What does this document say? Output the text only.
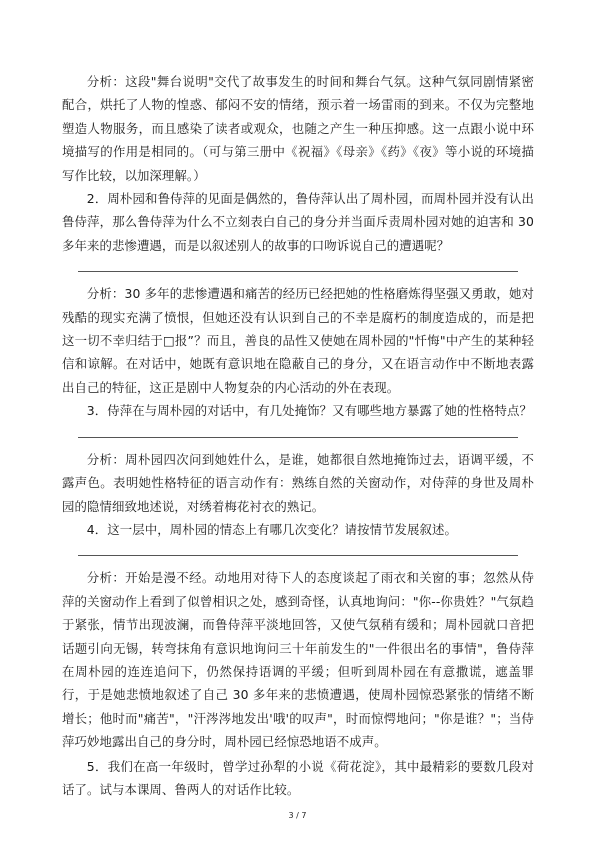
分析：这段"舞台说明"交代了故事发生的时间和舞台气氛。这种气氛同剧情紧密配合，烘托了人物的惶惑、郁闷不安的情绪，预示着一场雷雨的到来。不仅为完整地塑造人物服务，而且感染了读者或观众，也随之产生一种压抑感。这一点跟小说中环境描写的作用是相同的。（可与第三册中《祝福》《母亲》《药》《夜》等小说的环境描写作比较，以加深理解。）

2．周朴园和鲁侍萍的见面是偶然的，鲁侍萍认出了周朴园，而周朴园并没有认出鲁侍萍，那么鲁侍萍为什么不立刻表白自己的身分并当面斥责周朴园对她的迫害和 30 多年来的悲惨遭遇，而是以叙述别人的故事的口吻诉说自己的遭遇呢？

分析：30 多年的悲惨遭遇和痛苦的经历已经把她的性格磨炼得坚强又勇敢，她对残酷的现实充满了愤恨，但她还没有认识到自己的不幸是腐朽的制度造成的，而是把这一切不幸归结于□报”？而且，善良的品性又使她在周朴园的"忏悔"中产生的某种轻信和谅解。在对话中，她既有意识地在隐蔽自己的身分，又在语言动作中不断地表露出自己的特征，这正是剧中人物复杂的内心活动的外在表现。

3．侍萍在与周朴园的对话中，有几处掩饰？又有哪些地方暴露了她的性格特点？

分析：周朴园四次问到她姓什么，是谁，她都很自然地掩饰过去，语调平缓，不露声色。表明她性格特征的语言动作有：熟练自然的关窗动作，对侍萍的身世及周朴园的隐情细致地述说，对绣着梅花衬衣的熟记。

4．这一层中，周朴园的情态上有哪几次变化？请按情节发展叙述。

分析：开始是漫不经。动地用对待下人的态度谈起了雨衣和关窗的事；忽然从侍萍的关窗动作上看到了似曾相识之处，感到奇怪，认真地询问："你--你贵姓？"气氛趋于紧张，情节出现波澜，而鲁侍萍平淡地回答，又使气氛稍有缓和；周朴园就口音把话题引向无锡，转弯抹角有意识地询问三十年前发生的"一件很出名的事情"，鲁侍萍在周朴园的连连追问下，仍然保持语调的平缓；但听到周朴园在有意撒谎，遮盖罪行，于是她悲愤地叙述了自己 30 多年来的悲愤遭遇，使周朴园惊恐紧张的情绪不断增长；他时而"痛苦"，"汗涔涔地发出'哦'的叹声"，时而惊愕地问；"你是谁？"；当侍萍巧妙地露出自己的身分时，周朴园已经惊恐地语不成声。

5．我们在高一年级时，曾学过孙犁的小说《荷花淀》，其中最精彩的要数几段对话了。试与本课周、鲁两人的对话作比较。

3 / 7
